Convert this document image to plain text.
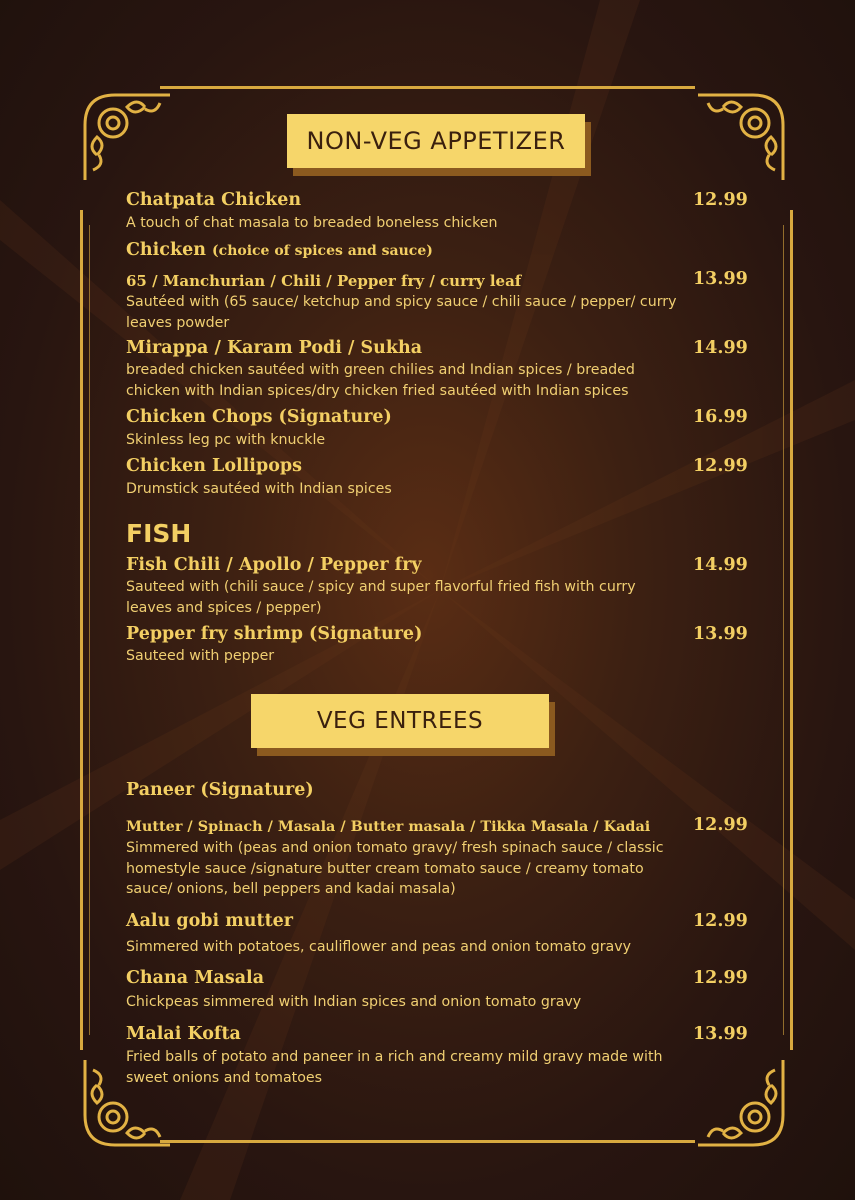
NON-VEG APPETIZER
Chatpata Chicken	12.99
A touch of chat masala to breaded boneless chicken
Chicken (choice of spices and sauce)
65 / Manchurian / Chili / Pepper fry / curry leaf	13.99
Sautéed with (65 sauce/ ketchup and spicy sauce / chili sauce / pepper/ curry leaves powder
Mirappa / Karam Podi / Sukha	14.99
breaded chicken sautéed with green chilies and Indian spices / breaded chicken with Indian spices/dry chicken fried sautéed with Indian spices
Chicken Chops (Signature)	16.99
Skinless leg pc with knuckle
Chicken Lollipops	12.99
Drumstick sautéed with Indian spices
FISH
Fish Chili / Apollo / Pepper fry	14.99
Sauteed with (chili sauce / spicy and super flavorful fried fish with curry leaves and spices / pepper)
Pepper fry shrimp (Signature)	13.99
Sauteed with pepper
VEG ENTREES
Paneer (Signature)
Mutter / Spinach / Masala / Butter masala / Tikka Masala / Kadai 12.99
Simmered with (peas and onion tomato gravy/ fresh spinach sauce / classic homestyle sauce /signature butter cream tomato sauce / creamy tomato sauce/ onions, bell peppers and kadai masala)
Aalu gobi mutter	12.99
Simmered with potatoes, cauliflower and peas and onion tomato gravy
Chana Masala	12.99
Chickpeas simmered with Indian spices and onion tomato gravy
Malai Kofta	13.99
Fried balls of potato and paneer in a rich and creamy mild gravy made with sweet onions and tomatoes
